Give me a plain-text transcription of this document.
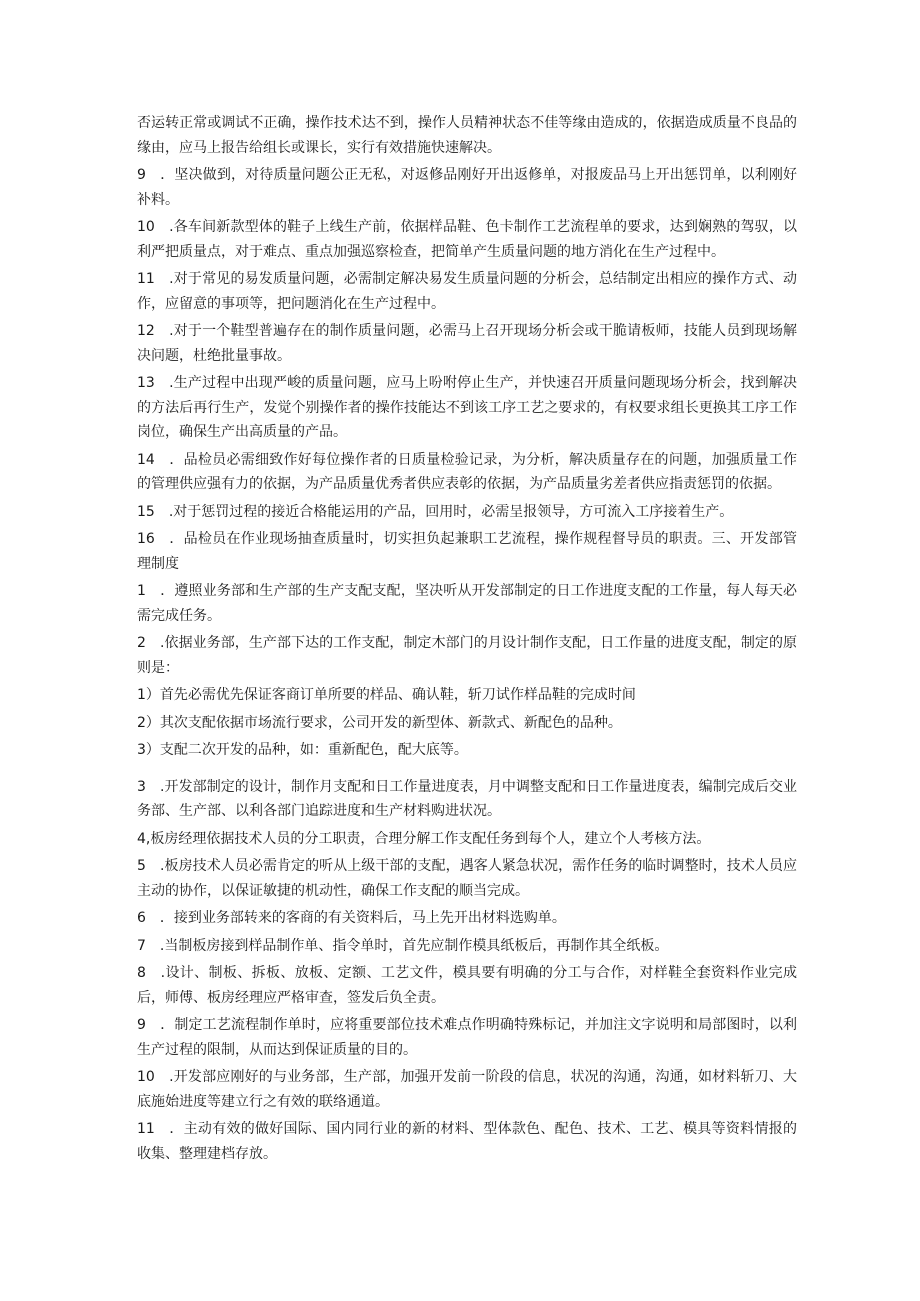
否运转正常或调试不正确，操作技术达不到，操作人员精神状态不佳等缘由造成的，依据造成质量不良品的缘由，应马上报告给组长或课长，实行有效措施快速解决。

9　．坚决做到，对待质量问题公正无私，对返修品刚好开出返修单，对报废品马上开出惩罚单，以利刚好补料。

10　.各车间新款型体的鞋子上线生产前，依据样品鞋、色卡制作工艺流程单的要求，达到娴熟的驾驭，以利严把质量点，对于难点、重点加强巡察检查，把简单产生质量问题的地方消化在生产过程中。

11　.对于常见的易发质量问题，必需制定解决易发生质量问题的分析会，总结制定出相应的操作方式、动作，应留意的事项等，把问题消化在生产过程中。

12　.对于一个鞋型普遍存在的制作质量问题，必需马上召开现场分析会或干脆请板师，技能人员到现场解决问题，杜绝批量事故。

13　.生产过程中出现严峻的质量问题，应马上吩咐停止生产，并快速召开质量问题现场分析会，找到解决的方法后再行生产，发觉个别操作者的操作技能达不到该工序工艺之要求的，有权要求组长更换其工序工作岗位，确保生产出高质量的产品。

14　．品检员必需细致作好每位操作者的日质量检验记录，为分析，解决质量存在的问题，加强质量工作的管理供应强有力的依据，为产品质量优秀者供应表彰的依据，为产品质量劣差者供应指责惩罚的依据。

15　.对于惩罚过程的接近合格能运用的产品，回用时，必需呈报领导，方可流入工序接着生产。

16　．品检员在作业现场抽查质量时，切实担负起兼职工艺流程，操作规程督导员的职责。三、开发部管理制度

1　．遵照业务部和生产部的生产支配支配，坚决听从开发部制定的日工作进度支配的工作量，每人每天必需完成任务。

2　.依据业务部，生产部下达的工作支配，制定木部门的月设计制作支配，日工作量的进度支配，制定的原则是：

1）首先必需优先保证客商订单所要的样品、确认鞋，斩刀试作样品鞋的完成时间

2）其次支配依据市场流行要求，公司开发的新型体、新款式、新配色的品种。

3）支配二次开发的品种，如：重新配色，配大底等。

3　.开发部制定的设计，制作月支配和日工作量进度表，月中调整支配和日工作量进度表，编制完成后交业务部、生产部、以利各部门追踪进度和生产材料购进状况。

4,板房经理依据技术人员的分工职责，合理分解工作支配任务到每个人，建立个人考核方法。

5　.板房技术人员必需肯定的听从上级干部的支配，遇客人紧急状况，需作任务的临时调整时，技术人员应主动的协作，以保证敏捷的机动性，确保工作支配的顺当完成。

6　．接到业务部转来的客商的有关资料后，马上先开出材料选购单。

7　.当制板房接到样品制作单、指令单时，首先应制作模具纸板后，再制作其全纸板。

8　.设计、制板、拆板、放板、定额、工艺文件，模具要有明确的分工与合作，对样鞋全套资料作业完成后，师傅、板房经理应严格审查，签发后负全责。

9　．制定工艺流程制作单时，应将重要部位技术难点作明确特殊标记，并加注文字说明和局部图时，以利生产过程的限制，从而达到保证质量的目的。

10　.开发部应刚好的与业务部，生产部，加强开发前一阶段的信息，状况的沟通，沟通，如材料斩刀、大底施始进度等建立行之有效的联络通道。

11　．主动有效的做好国际、国内同行业的新的材料、型体款色、配色、技术、工艺、模具等资料情报的收集、整理建档存放。
